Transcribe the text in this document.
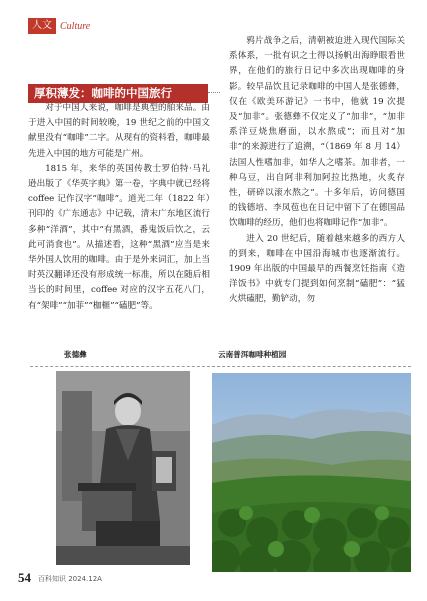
人文 Culture
厚积薄发：咖啡的中国旅行

对于中国人来说，咖啡是典型的舶来品。由于进入中国的时间较晚，19 世纪之前的中国文献里没有“咖啡”二字。从现有的资料看，咖啡最先进入中国的地方可能是广州。

1815 年，来华的英国传教士罗伯特·马礼逊出版了《华英字典》第一卷，字典中就已经将 coffee 记作汉字“咖啡”。道光二年（1822 年）刊印的《广东通志》中记载，清末广东地区流行多种“洋酒”，其中“有黑酒，番鬼饭后饮之，云此可消食也”。从描述看，这种“黑酒”应当是来华外国人饮用的咖啡。由于是外来词汇，加上当时英汉翻译还没有形成统一标准，所以在随后相当长的时间里，coffee 对应的汉字五花八门，有“架啡”“加菲”“枷榧”“磕肥”等。

鸦片战争之后，清朝被迫进入现代国际关系体系，一批有识之士得以扬帆出海睁眼看世界，在他们的旅行日记中多次出现咖啡的身影。较早品饮且记录咖啡的中国人是张德彝，仅在《欧美环游记》一书中，他就 19 次提及“加非”。张德彝不仅定义了“加非”，“加非系洋豆烧焦磨面，以水熬成”；而且对“加非”的来源进行了追溯，“（1869 年 8 月 14）法国人性嗜加非，如华人之嗜茶。加非者，一种乌豆，出自阿非利加阿拉比热地，火炙存性，研碎以滚水熬之”。十多年后，访问德国的钱德培、李凤苞也在日记中留下了在德国品饮咖啡的经历，他们也将咖啡记作“加非”。

进入 20 世纪后，随着越来越多的西方人的到来，咖啡在中国沿海城市也逐渐流行。1909 年出版的中国最早的西餐烹饪指南《造洋饭书》中就专门提到如何烹制“磕肥”：“猛火烘磕肥，勤铲动，勿

张德彝	云南普洱咖啡种植园
54 百科知识 2024.12A
